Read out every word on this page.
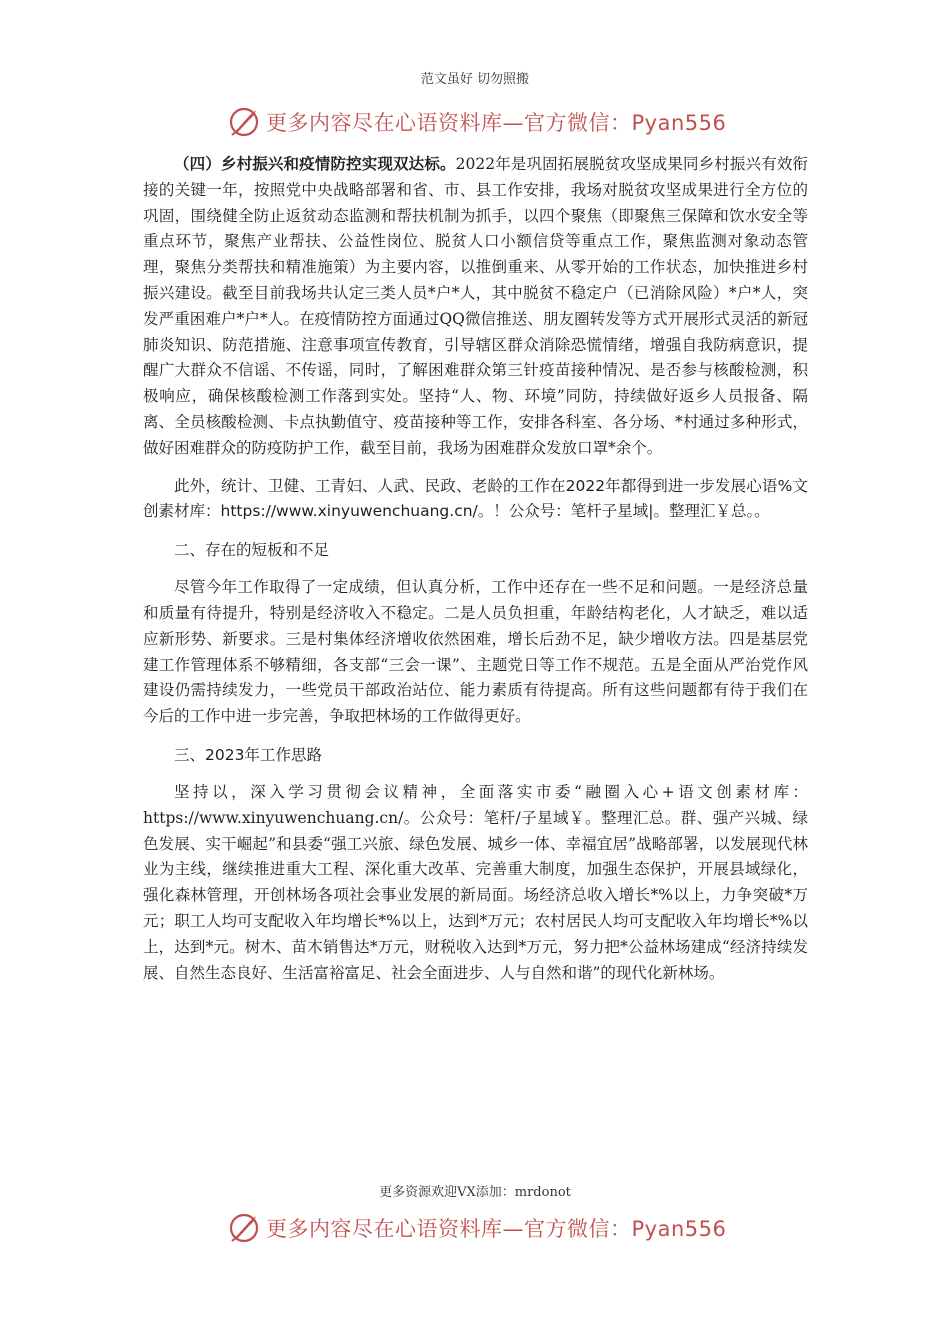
范文虽好 切勿照搬
更多内容尽在心语资料库—官方微信：Pyan556

（四）乡村振兴和疫情防控实现双达标。2022年是巩固拓展脱贫攻坚成果同乡村振兴有效衔接的关键一年，按照党中央战略部署和省、市、县工作安排，我场对脱贫攻坚成果进行全方位的巩固，围绕健全防止返贫动态监测和帮扶机制为抓手，以四个聚焦（即聚焦三保障和饮水安全等重点环节，聚焦产业帮扶、公益性岗位、脱贫人口小额信贷等重点工作，聚焦监测对象动态管理，聚焦分类帮扶和精准施策）为主要内容，以推倒重来、从零开始的工作状态，加快推进乡村振兴建设。截至目前我场共认定三类人员*户*人，其中脱贫不稳定户（已消除风险）*户*人，突发严重困难户*户*人。在疫情防控方面通过QQ微信推送、朋友圈转发等方式开展形式灵活的新冠肺炎知识、防范措施、注意事项宣传教育，引导辖区群众消除恐慌情绪，增强自我防病意识，提醒广大群众不信谣、不传谣，同时，了解困难群众第三针疫苗接种情况、是否参与核酸检测，积极响应，确保核酸检测工作落到实处。坚持“人、物、环境”同防，持续做好返乡人员报备、隔离、全员核酸检测、卡点执勤值守、疫苗接种等工作，安排各科室、各分场、*村通过多种形式，做好困难群众的防疫防护工作，截至目前，我场为困难群众发放口罩*余个。

此外，统计、卫健、工青妇、人武、民政、老龄的工作在2022年都得到进一步发展心语%文创素材库：https://www.xinyuwenchuang.cn/。！公众号：笔杆子星域|。整理汇￥总。。

二、存在的短板和不足

尽管今年工作取得了一定成绩，但认真分析，工作中还存在一些不足和问题。一是经济总量和质量有待提升，特别是经济收入不稳定。二是人员负担重，年龄结构老化，人才缺乏，难以适应新形势、新要求。三是村集体经济增收依然困难，增长后劲不足，缺少增收方法。四是基层党建工作管理体系不够精细，各支部“三会一课”、主题党日等工作不规范。五是全面从严治党作风建设仍需持续发力，一些党员干部政治站位、能力素质有待提高。所有这些问题都有待于我们在今后的工作中进一步完善，争取把林场的工作做得更好。

三、2023年工作思路

坚持以，深入学习贯彻会议精神，全面落实市委“融圈入心+语文创素材库：https://www.xinyuwenchuang.cn/。公众号：笔杆/子星域￥。整理汇总。群、强产兴城、绿色发展、实干崛起”和县委“强工兴旅、绿色发展、城乡一体、幸福宜居”战略部署，以发展现代林业为主线，继续推进重大工程、深化重大改革、完善重大制度，加强生态保护，开展县域绿化，强化森林管理，开创林场各项社会事业发展的新局面。场经济总收入增长*%以上，力争突破*万元；职工人均可支配收入年均增长*%以上，达到*万元；农村居民人均可支配收入年均增长*%以上，达到*元。树木、苗木销售达*万元，财税收入达到*万元，努力把*公益林场建成“经济持续发展、自然生态良好、生活富裕富足、社会全面进步、人与自然和谐”的现代化新林场。

更多资源欢迎VX添加：mrdonot
更多内容尽在心语资料库—官方微信：Pyan556
